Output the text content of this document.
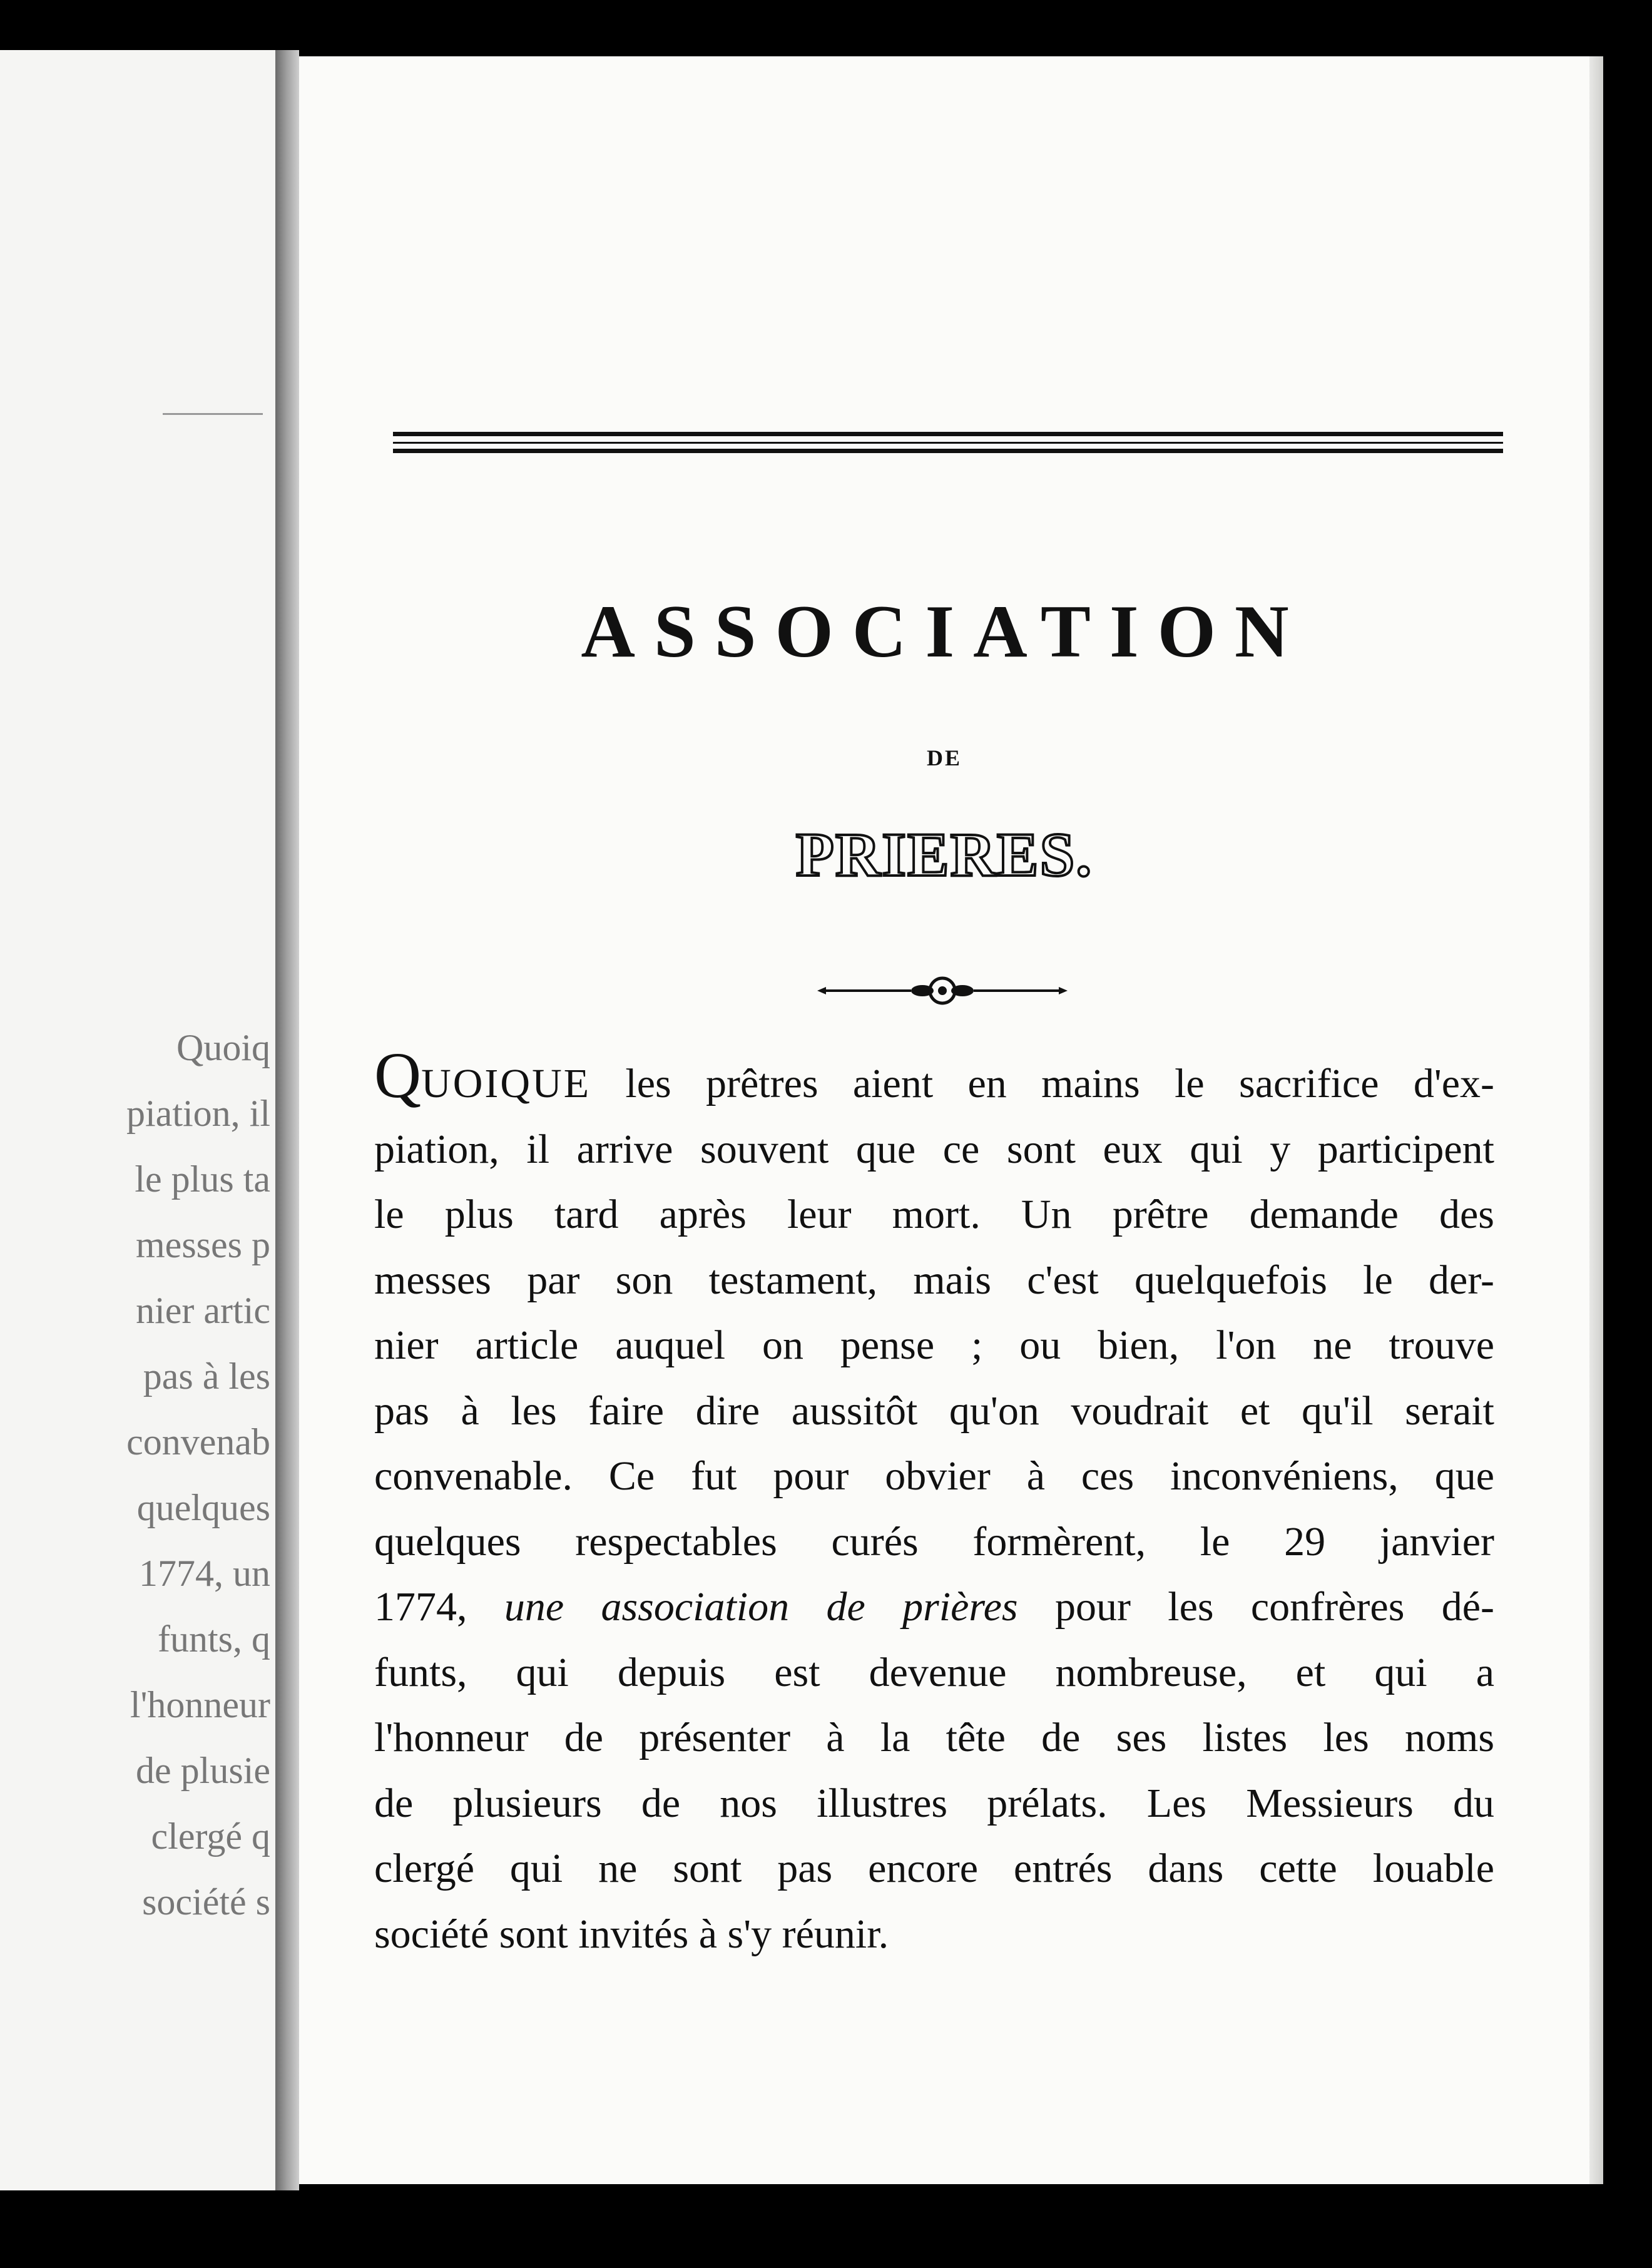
Quoiq
piation, il
le plus ta
messes p
nier artic
pas à les
convenab
quelques
1774, un
funts, q
l'honneur
de plusie
clergé q
société s
ASSOCIATION
DE
PRIERES.
QUOIQUE les prêtres aient en mains le sacrifice d'ex-
piation, il arrive souvent que ce sont eux qui y participent
le plus tard après leur mort. Un prêtre demande des
messes par son testament, mais c'est quelquefois le der-
nier article auquel on pense ; ou bien, l'on ne trouve
pas à les faire dire aussitôt qu'on voudrait et qu'il serait
convenable. Ce fut pour obvier à ces inconvéniens, que
quelques respectables curés formèrent, le 29 janvier
1774, une association de prières pour les confrères dé-
funts, qui depuis est devenue nombreuse, et qui a
l'honneur de présenter à la tête de ses listes les noms
de plusieurs de nos illustres prélats. Les Messieurs du
clergé qui ne sont pas encore entrés dans cette louable
société sont invités à s'y réunir.
